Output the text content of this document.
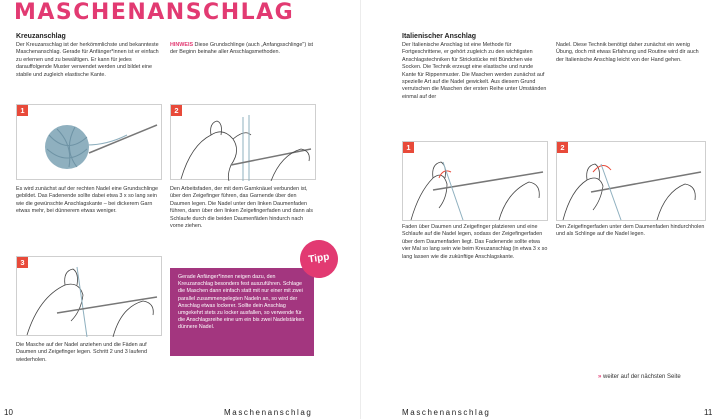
MASCHENANSCHLAG
Kreuzanschlag
Der Kreuzanschlag ist der herkömmlichste und bekannteste Maschenanschlag. Gerade für Anfänger*innen ist er einfach zu erlernen und zu bewältigen. Er kann für jedes darauffolgende Muster verwendet werden und bildet eine stabile und zugleich elastische Kante.
HINWEIS Diese Grundschlinge (auch „Anfangsschlinge") ist der Beginn beinahe aller Anschlagsmethoden.
1
Es wird zunächst auf der rechten Nadel eine Grundschlinge gebildet. Das Fadenende sollte dabei etwa 3 x so lang sein wie die gewünschte Anschlagskante – bei dickerem Garn etwas mehr, bei dünnerem etwas weniger.
2
Den Arbeitsfaden, der mit dem Garnknäuel verbunden ist, über den Zeigefinger führen, das Garnende über den Daumen legen. Die Nadel unter den linken Daumenfaden führen, dann über den linken Zeigefingerfaden und dann als Schlaufe durch die beiden Daumenfäden hindurch nach vorne ziehen.
3
Die Masche auf der Nadel anziehen und die Fäden auf Daumen und Zeigefinger legen. Schritt 2 und 3 laufend wiederholen.
Gerade Anfänger*innen neigen dazu, den Kreuzanschlag besonders fest auszuführen. Schlage die Maschen dann einfach statt mit nur einer mit zwei parallel zusammengelegten Nadeln an, so wird der Anschlag etwas lockerer. Sollte dein Anschlag umgekehrt stets zu locker ausfallen, so verwende für die Anschlagsreihe eine um ein bis zwei Nadelstärken dünnere Nadel.
Tipp
10	Maschenanschlag
Italienischer Anschlag
Der Italienische Anschlag ist eine Methode für Fortgeschrittene, er gehört zugleich zu den wichtigsten Anschlagstechniken für Strickstücke mit Bündchen wie Socken. Die Technik erzeugt eine elastische und runde Kante für Rippenmuster. Die Maschen werden zunächst auf spezielle Art auf die Nadel gewickelt. Aus diesem Grund verrutschen die Maschen der ersten Reihe unter Umständen einmal auf der
Nadel. Diese Technik benötigt daher zunächst ein wenig Übung, doch mit etwas Erfahrung und Routine wird dir auch der Italienische Anschlag leicht von der Hand gehen.
1
Faden über Daumen und Zeigefinger platzieren und eine Schlaufe auf die Nadel legen, sodass der Zeigefingerfaden über dem Daumenfaden liegt. Das Fadenende sollte etwa vier Mal so lang sein wie beim Kreuzanschlag (in etwa 3 x so lang lassen wie die zukünftige Anschlagskante.
2
Den Zeigefingerfaden unter dem Daumenfaden hindurchholen und als Schlinge auf die Nadel legen.
» weiter auf der nächsten Seite
Maschenanschlag	11
